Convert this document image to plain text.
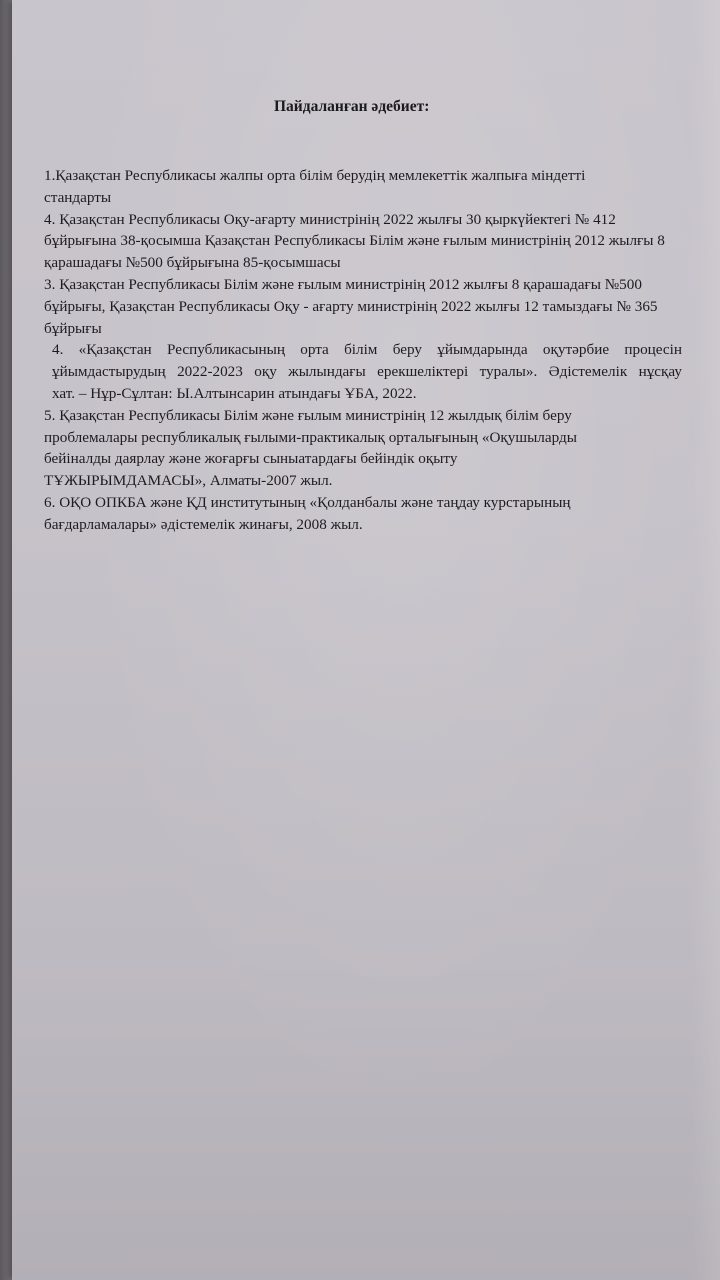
Пайдаланған әдебиет:

1.Қазақстан Республикасы жалпы орта білім берудің мемлекеттік жалпыға міндетті
стандарты

4. Қазақстан Республикасы Оқу-ағарту министрінің 2022 жылғы 30 қыркүйектегі № 412
бұйрығына 38-қосымша Қазақстан Республикасы Білім және ғылым министрінің 2012 жылғы 8
қарашадағы №500 бұйрығына 85-қосымшасы

3. Қазақстан Республикасы Білім және ғылым министрінің 2012 жылғы 8 қарашадағы №500
бұйрығы, Қазақстан Республикасы Оқу - ағарту министрінің 2022 жылғы 12 тамыздағы № 365
бұйрығы

4. «Қазақстан Республикасының орта білім беру ұйымдарында оқутәрбие процесін
ұйымдастырудың 2022-2023 оқу жылындағы ерекшеліктері туралы». Әдістемелік нұсқау
хат. – Нұр-Сұлтан: Ы.Алтынсарин атындағы ҰБА, 2022.

5. Қазақстан Республикасы Білім және ғылым министрінің 12 жылдық білім беру
проблемалары республикалық ғылыми-практикалық орталығының «Оқушыларды
бейіналды даярлау және жоғарғы сыныатардағы бейіндік оқыту
ТҰЖЫРЫМДАМАСЫ», Алматы-2007 жыл.

6. ОҚО ОПКБА және ҚД институтының «Қолданбалы және таңдау курстарының
бағдарламалары» әдістемелік жинағы, 2008 жыл.
